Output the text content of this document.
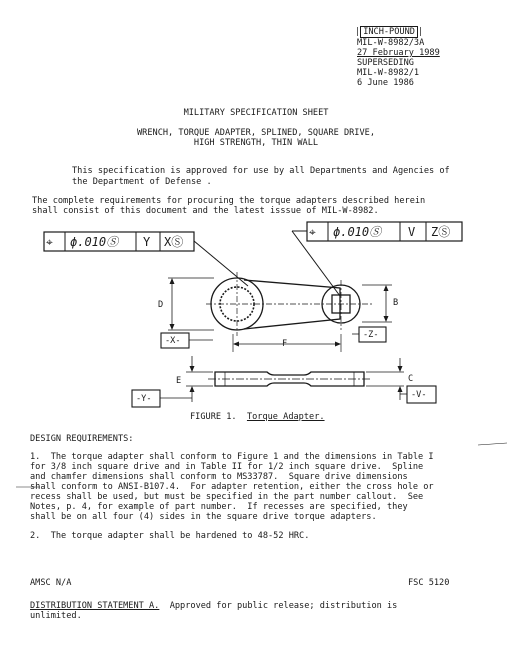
| INCH-POUND |
MIL-W-8982/3A
27 February 1989
SUPERSEDING
MIL-W-8982/1
6 June 1986
MILITARY SPECIFICATION SHEET
WRENCH, TORQUE ADAPTER, SPLINED, SQUARE DRIVE,
HIGH STRENGTH, THIN WALL
This specification is approved for use by all Departments and Agencies of
the Department of Defense .
The complete requirements for procuring the torque adapters described herein
shall consist of this document and the latest isssue of MIL-W-8982.
⌖ ϕ.010Ⓢ Y XⓈ
⌖ ϕ.010Ⓢ V ZⓈ
D	B
F
E	C
-X-
-Z-
-Y-	-V-
FIGURE 1. Torque Adapter.
DESIGN REQUIREMENTS:
1.  The torque adapter shall conform to Figure 1 and the dimensions in Table I
for 3/8 inch square drive and in Table II for 1/2 inch square drive.  Spline
and chamfer dimensions shall conform to MS33787.  Square drive dimensions
shall conform to ANSI-B107.4.  For adapter retention, either the cross hole or
recess shall be used, but must be specified in the part number callout.  See
Notes, p. 4, for example of part number.  If recesses are specified, they
shall be on all four (4) sides in the square drive torque adapters.
2.  The torque adapter shall be hardened to 48-52 HRC.
AMSC N/A	FSC 5120
DISTRIBUTION STATEMENT A.  Approved for public release; distribution is
unlimited.
